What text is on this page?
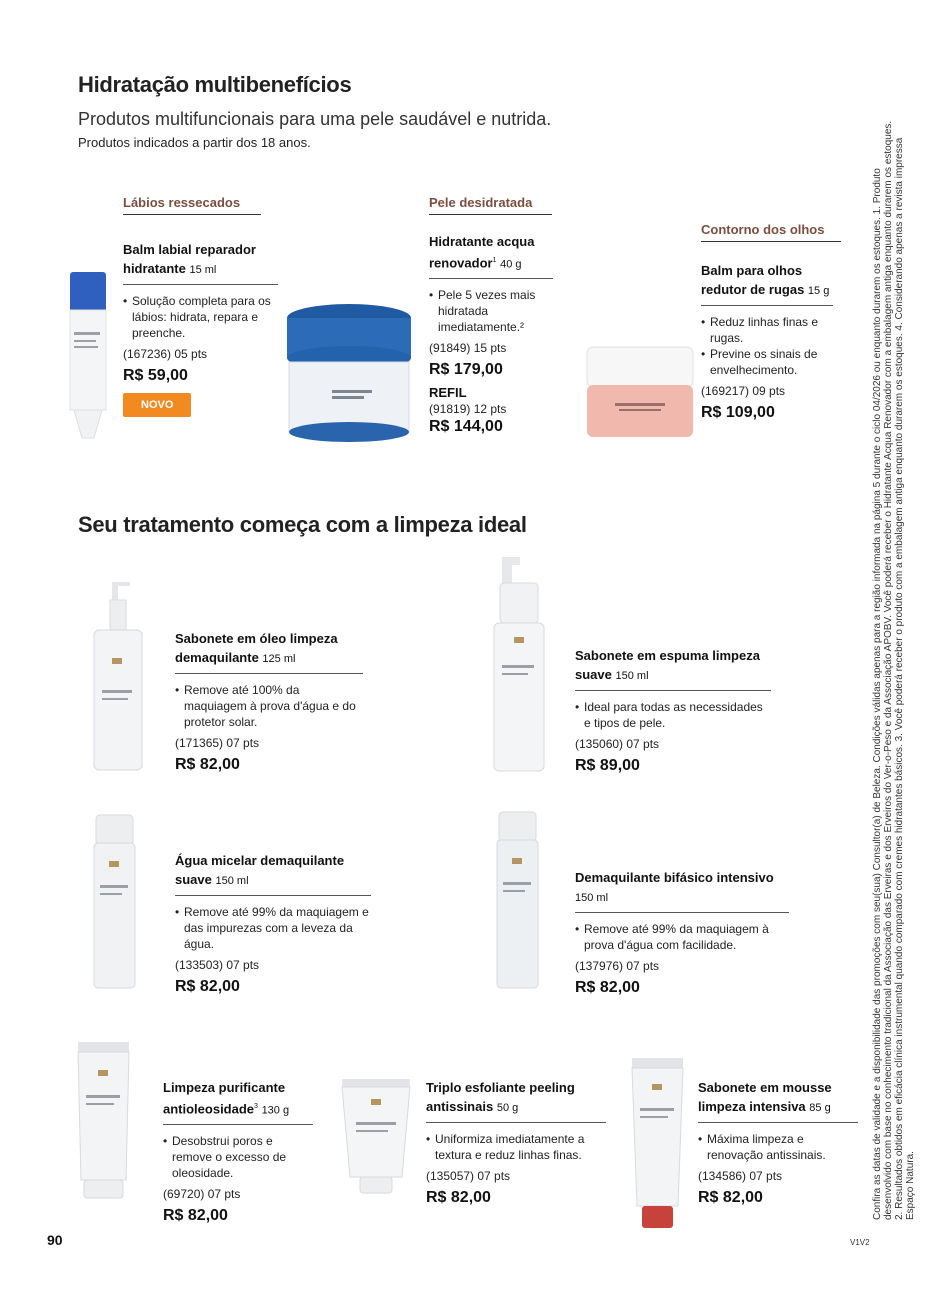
Hidratação multibenefícios
Produtos multifuncionais para uma pele saudável e nutrida.
Produtos indicados a partir dos 18 anos.
Lábios ressecados	Pele desidratada
Contorno dos olhos
Balm labial reparador hidratante 15 ml
• Solução completa para os lábios: hidrata, repara e preenche.
(167236) 05 pts
R$ 59,00
NOVO
Hidratante acqua renovador$^1$ 40 g
• Pele 5 vezes mais hidratada imediatamente.²
(91849) 15 pts
R$ 179,00
REFIL
(91819) 12 pts
R$ 144,00
Balm para olhos redutor de rugas 15 g
• Reduz linhas finas e rugas.
• Previne os sinais de envelhecimento.
(169217) 09 pts
R$ 109,00
Seu tratamento começa com a limpeza ideal
Sabonete em óleo limpeza demaquilante 125 ml
• Remove até 100% da maquiagem à prova d'água e do protetor solar.
(171365) 07 pts
R$ 82,00
Sabonete em espuma limpeza suave 150 ml
• Ideal para todas as necessidades e tipos de pele.
(135060) 07 pts
R$ 89,00
Água micelar demaquilante suave 150 ml
• Remove até 99% da maquiagem e das impurezas com a leveza da água.
(133503) 07 pts
R$ 82,00
Demaquilante bifásico intensivo 150 ml
• Remove até 99% da maquiagem à prova d'água com facilidade.
(137976) 07 pts
R$ 82,00
Limpeza purificante antioleosidade$^3$ 130 g
• Desobstrui poros e remove o excesso de oleosidade.
(69720) 07 pts
R$ 82,00
Triplo esfoliante peeling antissinais 50 g
• Uniformiza imediatamente a textura e reduz linhas finas.
(135057) 07 pts
R$ 82,00
Sabonete em mousse limpeza intensiva 85 g
• Máxima limpeza e renovação antissinais.
(134586) 07 pts
R$ 82,00
90	V1V2
Confira as datas de validade e a disponibilidade das promoções com seu(sua) Consultor(a) de Beleza. Condições válidas apenas para a região informada na página 5 durante o ciclo 04/2026 ou enquanto durarem os estoques. 1. Produto desenvolvido com base no conhecimento tradicional da Associação das Erveiras e dos Erveiros do Ver-o-Peso e da Associação APOBV. Você poderá receber o Hidratante Acqua Renovador com a embalagem antiga enquanto durarem os estoques. 2. Resultados obtidos em eficácia clínica instrumental quando comparado com cremes hidratantes básicos. 3. Você poderá receber o produto com a embalagem antiga enquanto durarem os estoques. 4. Considerando apenas a revista impressa Espaço Natura.
